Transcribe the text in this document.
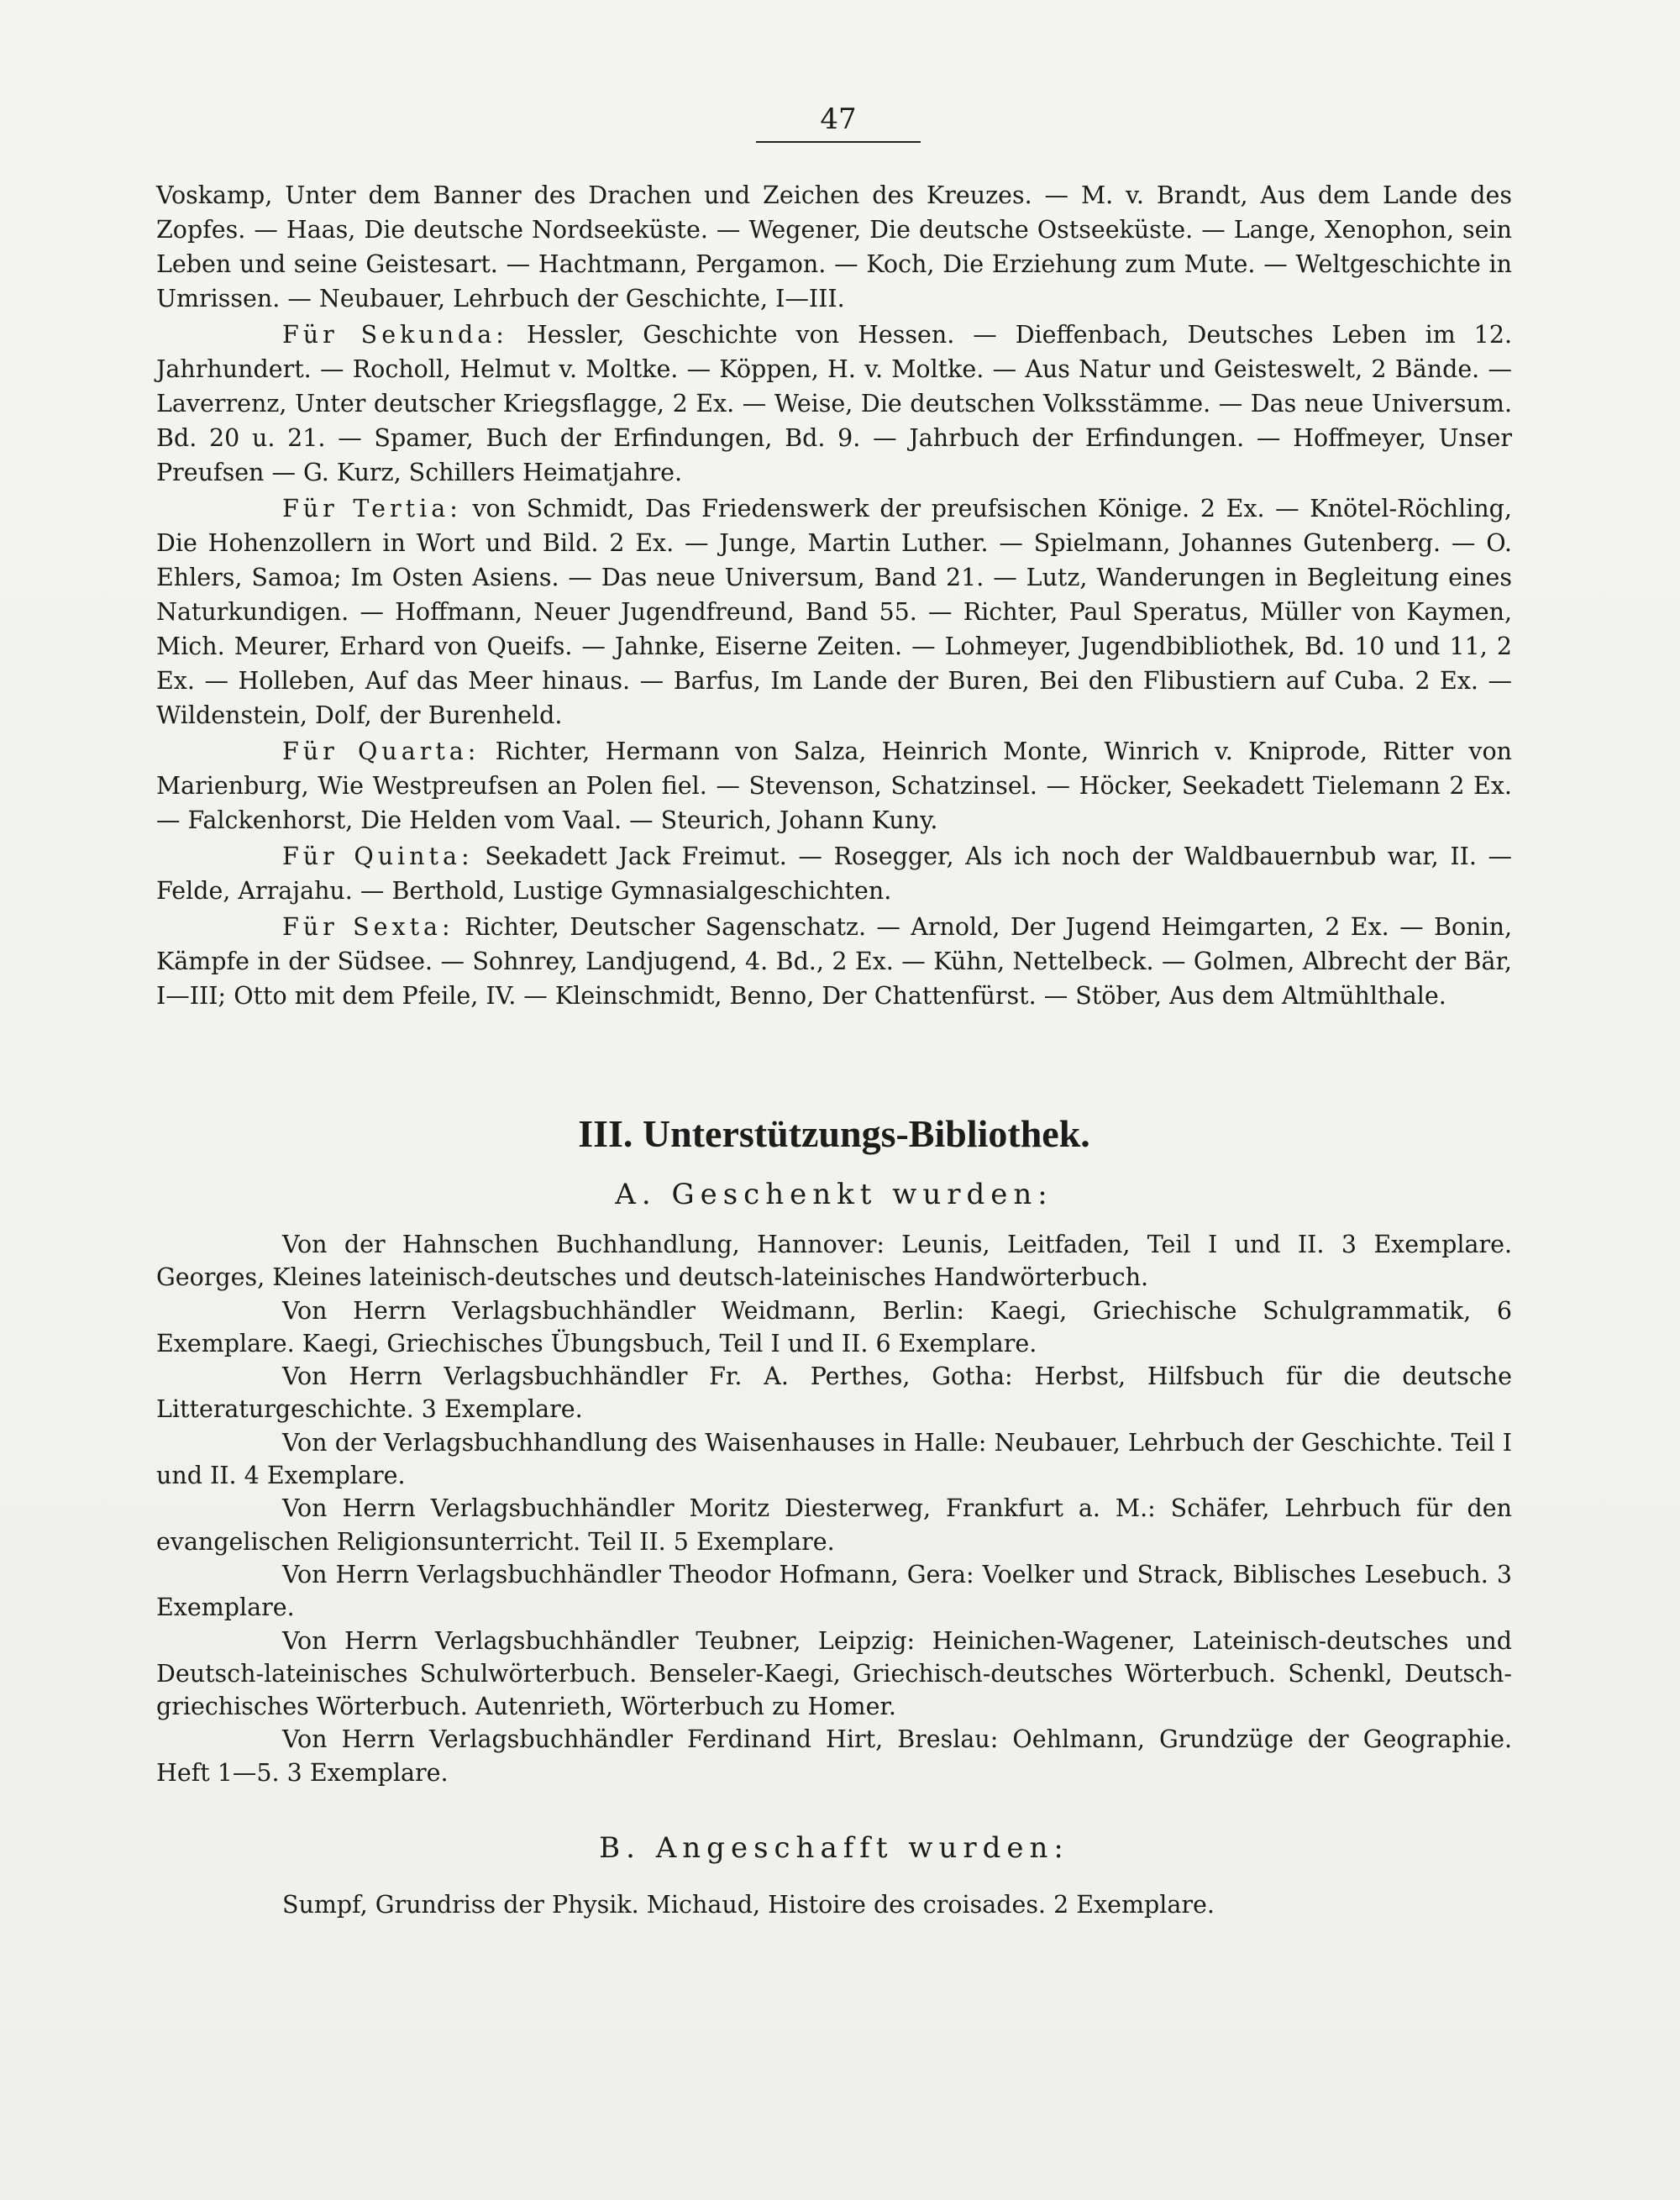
47

Voskamp, Unter dem Banner des Drachen und Zeichen des Kreuzes. — M. v. Brandt, Aus dem Lande des Zopfes. — Haas, Die deutsche Nordseeküste. — Wegener, Die deutsche Ostseeküste. — Lange, Xenophon, sein Leben und seine Geistesart. — Hachtmann, Pergamon. — Koch, Die Erziehung zum Mute. — Weltgeschichte in Umrissen. — Neubauer, Lehrbuch der Geschichte, I—III.

Für Sekunda: Hessler, Geschichte von Hessen. — Dieffenbach, Deutsches Leben im 12. Jahrhundert. — Rocholl, Helmut v. Moltke. — Köppen, H. v. Moltke. — Aus Natur und Geisteswelt, 2 Bände. — Laverrenz, Unter deutscher Kriegsflagge, 2 Ex. — Weise, Die deutschen Volksstämme. — Das neue Universum. Bd. 20 u. 21. — Spamer, Buch der Erfindungen, Bd. 9. — Jahrbuch der Erfindungen. — Hoffmeyer, Unser Preufsen — G. Kurz, Schillers Heimatjahre.

Für Tertia: von Schmidt, Das Friedenswerk der preufsischen Könige. 2 Ex. — Knötel-Röchling, Die Hohenzollern in Wort und Bild. 2 Ex. — Junge, Martin Luther. — Spielmann, Johannes Gutenberg. — O. Ehlers, Samoa; Im Osten Asiens. — Das neue Universum, Band 21. — Lutz, Wanderungen in Begleitung eines Naturkundigen. — Hoffmann, Neuer Jugendfreund, Band 55. — Richter, Paul Speratus, Müller von Kaymen, Mich. Meurer, Erhard von Queifs. — Jahnke, Eiserne Zeiten. — Lohmeyer, Jugendbibliothek, Bd. 10 und 11, 2 Ex. — Holleben, Auf das Meer hinaus. — Barfus, Im Lande der Buren, Bei den Flibustiern auf Cuba. 2 Ex. — Wildenstein, Dolf, der Burenheld.

Für Quarta: Richter, Hermann von Salza, Heinrich Monte, Winrich v. Kniprode, Ritter von Marienburg, Wie Westpreufsen an Polen fiel. — Stevenson, Schatzinsel. — Höcker, Seekadett Tielemann 2 Ex. — Falckenhorst, Die Helden vom Vaal. — Steurich, Johann Kuny.

Für Quinta: Seekadett Jack Freimut. — Rosegger, Als ich noch der Waldbauernbub war, II. — Felde, Arrajahu. — Berthold, Lustige Gymnasialgeschichten.

Für Sexta: Richter, Deutscher Sagenschatz. — Arnold, Der Jugend Heimgarten, 2 Ex. — Bonin, Kämpfe in der Südsee. — Sohnrey, Landjugend, 4. Bd., 2 Ex. — Kühn, Nettelbeck. — Golmen, Albrecht der Bär, I—III; Otto mit dem Pfeile, IV. — Kleinschmidt, Benno, Der Chattenfürst. — Stöber, Aus dem Altmühlthale.

III. Unterstützungs-Bibliothek.
A. Geschenkt wurden:

Von der Hahnschen Buchhandlung, Hannover: Leunis, Leitfaden, Teil I und II. 3 Exemplare. Georges, Kleines lateinisch-deutsches und deutsch-lateinisches Handwörterbuch.

Von Herrn Verlagsbuchhändler Weidmann, Berlin: Kaegi, Griechische Schulgrammatik, 6 Exemplare. Kaegi, Griechisches Übungsbuch, Teil I und II. 6 Exemplare.

Von Herrn Verlagsbuchhändler Fr. A. Perthes, Gotha: Herbst, Hilfsbuch für die deutsche Litteraturgeschichte. 3 Exemplare.

Von der Verlagsbuchhandlung des Waisenhauses in Halle: Neubauer, Lehrbuch der Geschichte. Teil I und II. 4 Exemplare.

Von Herrn Verlagsbuchhändler Moritz Diesterweg, Frankfurt a. M.: Schäfer, Lehrbuch für den evangelischen Religionsunterricht. Teil II. 5 Exemplare.

Von Herrn Verlagsbuchhändler Theodor Hofmann, Gera: Voelker und Strack, Biblisches Lesebuch. 3 Exemplare.

Von Herrn Verlagsbuchhändler Teubner, Leipzig: Heinichen-Wagener, Lateinisch-deutsches und Deutsch-lateinisches Schulwörterbuch. Benseler-Kaegi, Griechisch-deutsches Wörterbuch. Schenkl, Deutsch-griechisches Wörterbuch. Autenrieth, Wörterbuch zu Homer.

Von Herrn Verlagsbuchhändler Ferdinand Hirt, Breslau: Oehlmann, Grundzüge der Geographie. Heft 1—5. 3 Exemplare.

B. Angeschafft wurden:

Sumpf, Grundriss der Physik. Michaud, Histoire des croisades. 2 Exemplare.
